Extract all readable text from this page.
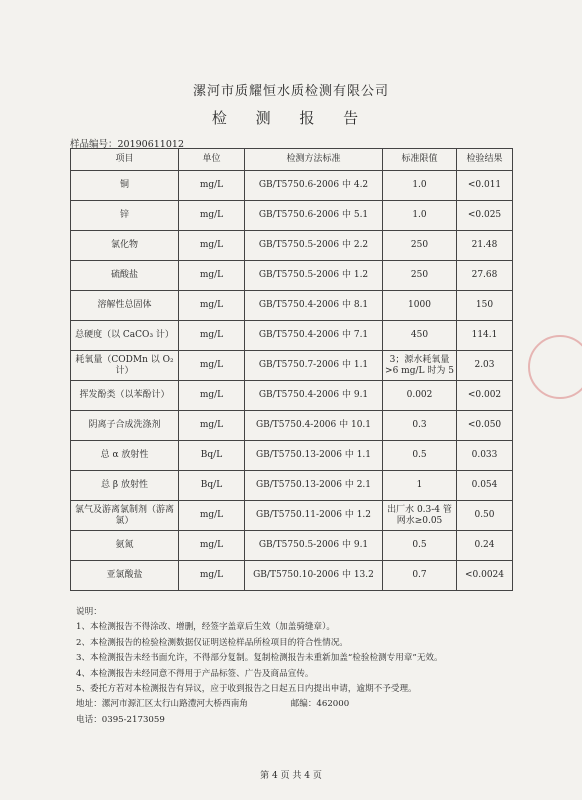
漯河市质耀恒水质检测有限公司
检 测 报 告
样品编号：20190611012
项目	单位	检测方法标准	标准限值	检验结果
铜	mg/L	GB/T5750.6-2006 中 4.2	1.0	<0.011
锌	mg/L	GB/T5750.6-2006 中 5.1	1.0	<0.025
氯化物	mg/L	GB/T5750.5-2006 中 2.2	250	21.48
硫酸盐	mg/L	GB/T5750.5-2006 中 1.2	250	27.68
溶解性总固体	mg/L	GB/T5750.4-2006 中 8.1	1000	150
总硬度（以 CaCO₃ 计）	mg/L	GB/T5750.4-2006 中 7.1	450	114.1
耗氧量（CODMn 以 O₂ 计）	mg/L	GB/T5750.7-2006 中 1.1	3；源水耗氧量 >6 mg/L 时为 5	2.03
挥发酚类（以苯酚计）	mg/L	GB/T5750.4-2006 中 9.1	0.002	<0.002
阴离子合成洗涤剂	mg/L	GB/T5750.4-2006 中 10.1	0.3	<0.050
总 α 放射性	Bq/L	GB/T5750.13-2006 中 1.1	0.5	0.033
总 β 放射性	Bq/L	GB/T5750.13-2006 中 2.1	1	0.054
氯气及游离氯制剂（游离氯）	mg/L	GB/T5750.11-2006 中 1.2	出厂水 0.3-4 管网水≥0.05	0.50
氨氮	mg/L	GB/T5750.5-2006 中 9.1	0.5	0.24
亚氯酸盐	mg/L	GB/T5750.10-2006 中 13.2	0.7	<0.0024
说明：
1、本检测报告不得涂改、增删，经签字盖章后生效（加盖骑缝章）。
2、本检测报告的检验检测数据仅证明送检样品所检项目的符合性情况。
3、本检测报告未经书面允许，不得部分复制。复制检测报告未重新加盖“检验检测专用章”无效。
4、本检测报告未经同意不得用于产品标签、广告及商品宣传。
5、委托方若对本检测报告有异议，应于收到报告之日起五日内提出申请，逾期不予受理。
地址：漯河市源汇区太行山路澧河大桥西南角	邮编：462000
电话：0395-2173059
第 4 页 共 4 页
